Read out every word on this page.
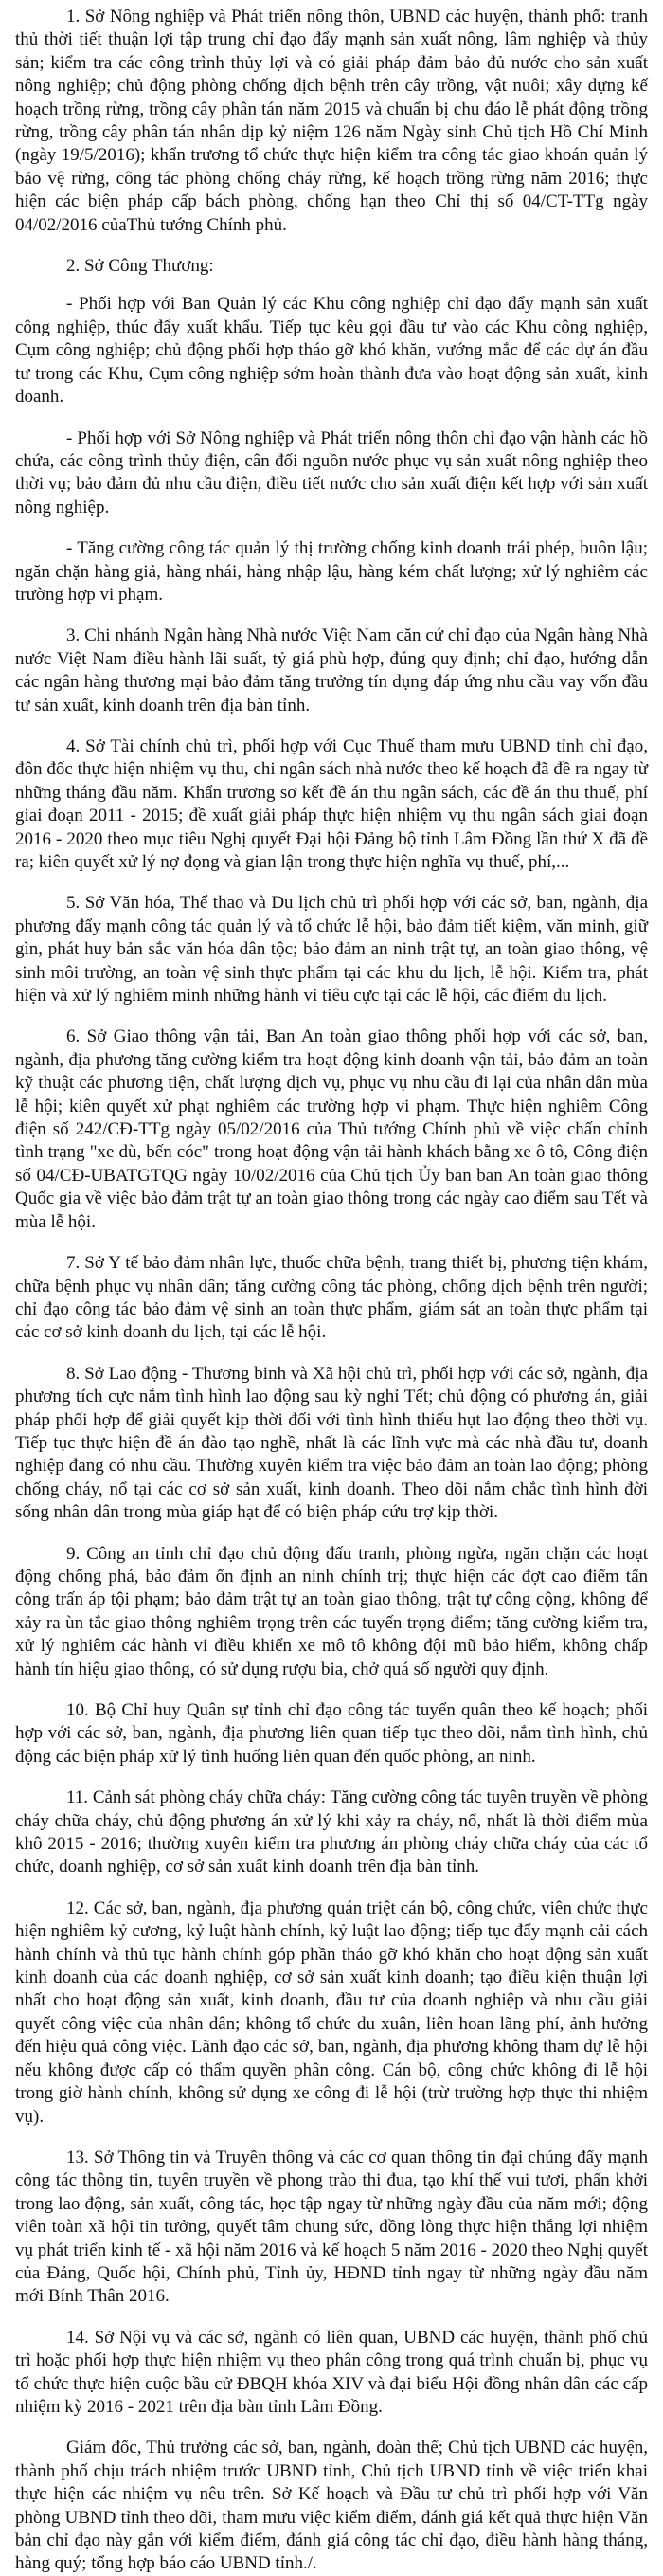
1. Sở Nông nghiệp và Phát triển nông thôn, UBND các huyện, thành phố: tranh thủ thời tiết thuận lợi tập trung chỉ đạo đẩy mạnh sản xuất nông, lâm nghiệp và thủy sản; kiểm tra các công trình thủy lợi và có giải pháp đảm bảo đủ nước cho sản xuất nông nghiệp; chủ động phòng chống dịch bệnh trên cây trồng, vật nuôi; xây dựng kế hoạch trồng rừng, trồng cây phân tán năm 2015 và chuẩn bị chu đáo lễ phát động trồng rừng, trồng cây phân tán nhân dịp kỷ niệm 126 năm Ngày sinh Chủ tịch Hồ Chí Minh (ngày 19/5/2016); khẩn trương tổ chức thực hiện kiểm tra công tác giao khoán quản lý bảo vệ rừng, công tác phòng chống cháy rừng, kế hoạch trồng rừng năm 2016; thực hiện các biện pháp cấp bách phòng, chống hạn theo Chỉ thị số 04/CT-TTg ngày 04/02/2016 củaThủ tướng Chính phủ.

2. Sở Công Thương:

- Phối hợp với Ban Quản lý các Khu công nghiệp chỉ đạo đẩy mạnh sản xuất công nghiệp, thúc đẩy xuất khẩu. Tiếp tục kêu gọi đầu tư vào các Khu công nghiệp, Cụm công nghiệp; chủ động phối hợp tháo gỡ khó khăn, vướng mắc để các dự án đầu tư trong các Khu, Cụm công nghiệp sớm hoàn thành đưa vào hoạt động sản xuất, kinh doanh.

- Phối hợp với Sở Nông nghiệp và Phát triển nông thôn chỉ đạo vận hành các hồ chứa, các công trình thủy điện, cân đối nguồn nước phục vụ sản xuất nông nghiệp theo thời vụ; bảo đảm đủ nhu cầu điện, điều tiết nước cho sản xuất điện kết hợp với sản xuất nông nghiệp.

- Tăng cường công tác quản lý thị trường chống kinh doanh trái phép, buôn lậu; ngăn chặn hàng giả, hàng nhái, hàng nhập lậu, hàng kém chất lượng; xử lý nghiêm các trường hợp vi phạm.

3. Chi nhánh Ngân hàng Nhà nước Việt Nam căn cứ chỉ đạo của Ngân hàng Nhà nước Việt Nam điều hành lãi suất, tỷ giá phù hợp, đúng quy định; chỉ đạo, hướng dẫn các ngân hàng thương mại bảo đảm tăng trưởng tín dụng đáp ứng nhu cầu vay vốn đầu tư sản xuất, kinh doanh trên địa bàn tỉnh.

4. Sở Tài chính chủ trì, phối hợp với Cục Thuế tham mưu UBND tỉnh chỉ đạo, đôn đốc thực hiện nhiệm vụ thu, chi ngân sách nhà nước theo kế hoạch đã đề ra ngay từ những tháng đầu năm. Khẩn trương sơ kết đề án thu ngân sách, các đề án thu thuế, phí giai đoạn 2011 - 2015; đề xuất giải pháp thực hiện nhiệm vụ thu ngân sách giai đoạn 2016 - 2020 theo mục tiêu Nghị quyết Đại hội Đảng bộ tỉnh Lâm Đồng lần thứ X đã đề ra; kiên quyết xử lý nợ đọng và gian lận trong thực hiện nghĩa vụ thuế, phí,...

5. Sở Văn hóa, Thể thao và Du lịch chủ trì phối hợp với các sở, ban, ngành, địa phương đẩy mạnh công tác quản lý và tổ chức lễ hội, bảo đảm tiết kiệm, văn minh, giữ gìn, phát huy bản sắc văn hóa dân tộc; bảo đảm an ninh trật tự, an toàn giao thông, vệ sinh môi trường, an toàn vệ sinh thực phẩm tại các khu du lịch, lễ hội. Kiểm tra, phát hiện và xử lý nghiêm minh những hành vi tiêu cực tại các lễ hội, các điểm du lịch.

6. Sở Giao thông vận tải, Ban An toàn giao thông phối hợp với các sở, ban, ngành, địa phương tăng cường kiểm tra hoạt động kinh doanh vận tải, bảo đảm an toàn kỹ thuật các phương tiện, chất lượng dịch vụ, phục vụ nhu cầu đi lại của nhân dân mùa lễ hội; kiên quyết xử phạt nghiêm các trường hợp vi phạm. Thực hiện nghiêm Công điện số 242/CĐ-TTg ngày 05/02/2016 của Thủ tướng Chính phủ về việc chấn chỉnh tình trạng "xe dù, bến cóc" trong hoạt động vận tải hành khách bằng xe ô tô, Công điện số 04/CĐ-UBATGTQG ngày 10/02/2016 của Chủ tịch Ủy ban ban An toàn giao thông Quốc gia về việc bảo đảm trật tự an toàn giao thông trong các ngày cao điểm sau Tết và mùa lễ hội.

7. Sở Y tế bảo đảm nhân lực, thuốc chữa bệnh, trang thiết bị, phương tiện khám, chữa bệnh phục vụ nhân dân; tăng cường công tác phòng, chống dịch bệnh trên người; chỉ đạo công tác bảo đảm vệ sinh an toàn thực phẩm, giám sát an toàn thực phẩm tại các cơ sở kinh doanh du lịch, tại các lễ hội.

8. Sở Lao động - Thương binh và Xã hội chủ trì, phối hợp với các sở, ngành, địa phương tích cực nắm tình hình lao động sau kỳ nghỉ Tết; chủ động có phương án, giải pháp phối hợp để giải quyết kịp thời đối với tình hình thiếu hụt lao động theo thời vụ. Tiếp tục thực hiện đề án đào tạo nghề, nhất là các lĩnh vực mà các nhà đầu tư, doanh nghiệp đang có nhu cầu. Thường xuyên kiểm tra việc bảo đảm an toàn lao động; phòng chống cháy, nổ tại các cơ sở sản xuất, kinh doanh. Theo dõi nắm chắc tình hình đời sống nhân dân trong mùa giáp hạt để có biện pháp cứu trợ kịp thời.

9. Công an tỉnh chỉ đạo chủ động đấu tranh, phòng ngừa, ngăn chặn các hoạt động chống phá, bảo đảm ổn định an ninh chính trị; thực hiện các đợt cao điểm tấn công trấn áp tội phạm; bảo đảm trật tự an toàn giao thông, trật tự công cộng, không để xảy ra ùn tắc giao thông nghiêm trọng trên các tuyến trọng điểm; tăng cường kiểm tra, xử lý nghiêm các hành vi điều khiển xe mô tô không đội mũ bảo hiểm, không chấp hành tín hiệu giao thông, có sử dụng rượu bia, chở quá số người quy định.

10. Bộ Chỉ huy Quân sự tỉnh chỉ đạo công tác tuyển quân theo kế hoạch; phối hợp với các sở, ban, ngành, địa phương liên quan tiếp tục theo dõi, nắm tình hình, chủ động các biện pháp xử lý tình huống liên quan đến quốc phòng, an ninh.

11. Cảnh sát phòng cháy chữa cháy: Tăng cường công tác tuyên truyền về phòng cháy chữa cháy, chủ động phương án xử lý khi xảy ra cháy, nổ, nhất là thời điểm mùa khô 2015 - 2016; thường xuyên kiểm tra phương án phòng cháy chữa cháy của các tổ chức, doanh nghiệp, cơ sở sản xuất kinh doanh trên địa bàn tỉnh.

12. Các sở, ban, ngành, địa phương quán triệt cán bộ, công chức, viên chức thực hiện nghiêm kỷ cương, kỷ luật hành chính, kỷ luật lao động; tiếp tục đẩy mạnh cải cách hành chính và thủ tục hành chính góp phần tháo gỡ khó khăn cho hoạt động sản xuất kinh doanh của các doanh nghiệp, cơ sở sản xuất kinh doanh; tạo điều kiện thuận lợi nhất cho hoạt động sản xuất, kinh doanh, đầu tư của doanh nghiệp và nhu cầu giải quyết công việc của nhân dân; không tổ chức du xuân, liên hoan lãng phí, ảnh hưởng đến hiệu quả công việc. Lãnh đạo các sở, ban, ngành, địa phương không tham dự lễ hội nếu không được cấp có thẩm quyền phân công. Cán bộ, công chức không đi lễ hội trong giờ hành chính, không sử dụng xe công đi lễ hội (trừ trường hợp thực thi nhiệm vụ).

13. Sở Thông tin và Truyền thông và các cơ quan thông tin đại chúng đẩy mạnh công tác thông tin, tuyên truyền về phong trào thi đua, tạo khí thế vui tươi, phấn khởi trong lao động, sản xuất, công tác, học tập ngay từ những ngày đầu của năm mới; động viên toàn xã hội tin tưởng, quyết tâm chung sức, đồng lòng thực hiện thắng lợi nhiệm vụ phát triển kinh tế - xã hội năm 2016 và kế hoạch 5 năm 2016 - 2020 theo Nghị quyết của Đảng, Quốc hội, Chính phủ, Tỉnh ủy, HĐND tỉnh ngay từ những ngày đầu năm mới Bính Thân 2016.

14. Sở Nội vụ và các sở, ngành có liên quan, UBND các huyện, thành phố chủ trì hoặc phối hợp thực hiện nhiệm vụ theo phân công trong quá trình chuẩn bị, phục vụ tổ chức thực hiện cuộc bầu cử ĐBQH khóa XIV và đại biểu Hội đồng nhân dân các cấp nhiệm kỳ 2016 - 2021 trên địa bàn tỉnh Lâm Đồng.

Giám đốc, Thủ trưởng các sở, ban, ngành, đoàn thể; Chủ tịch UBND các huyện, thành phố chịu trách nhiệm trước UBND tỉnh, Chủ tịch UBND tỉnh về việc triển khai thực hiện các nhiệm vụ nêu trên. Sở Kế hoạch và Đầu tư chủ trì phối hợp với Văn phòng UBND tỉnh theo dõi, tham mưu việc kiểm điểm, đánh giá kết quả thực hiện Văn bản chỉ đạo này gắn với kiểm điểm, đánh giá công tác chỉ đạo, điều hành hàng tháng, hàng quý; tổng hợp báo cáo UBND tỉnh./.
